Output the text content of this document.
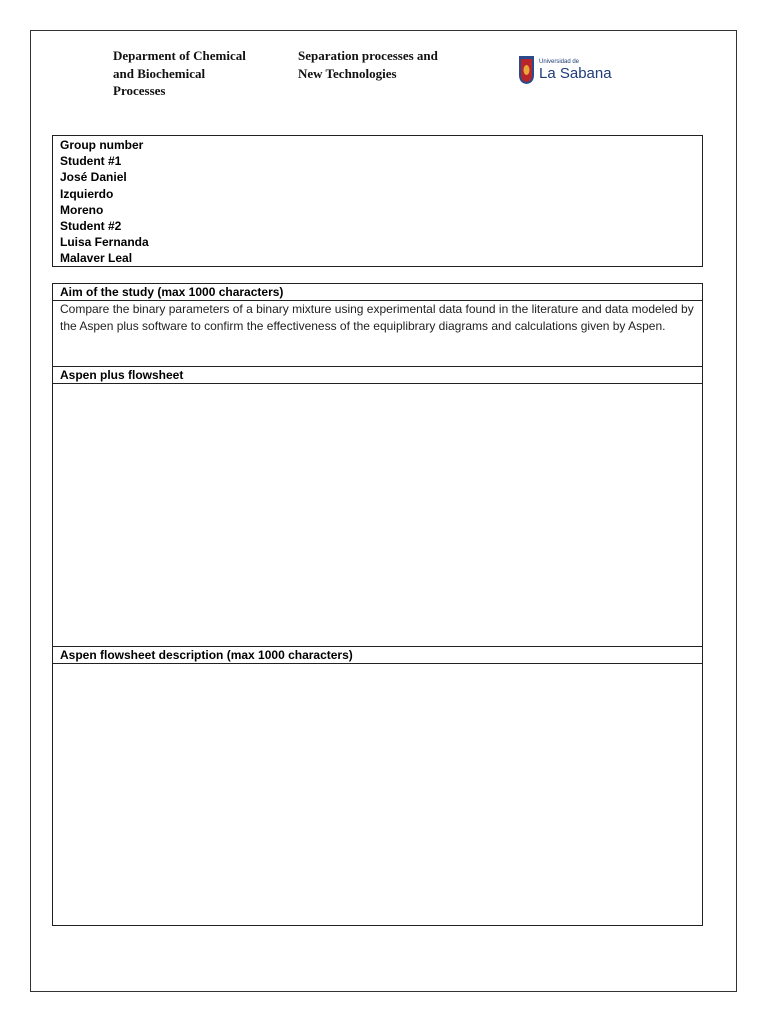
Deparment of Chemical
and Biochemical
Processes
Separation processes and
New Technologies
Universidad de
La Sabana
Group number
Student #1
José Daniel
Izquierdo
Moreno
Student #2
Luisa Fernanda
Malaver Leal
Aim of the study (max 1000 characters)
Compare the binary parameters of a binary mixture using experimental data found in the literature and data modeled by the Aspen plus software to confirm the effectiveness of the equiplibrary diagrams and calculations given by Aspen.
Aspen plus flowsheet
Aspen flowsheet description (max 1000 characters)
